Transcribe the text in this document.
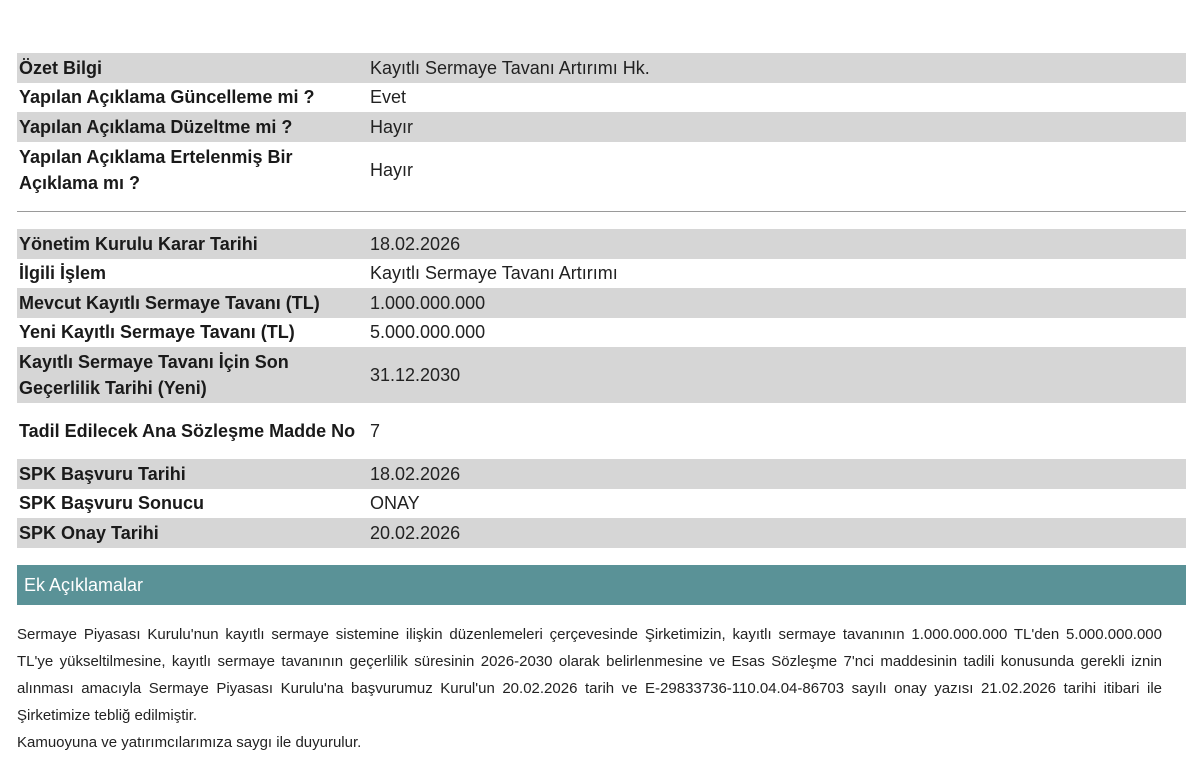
Özet Bilgi	Kayıtlı Sermaye Tavanı Artırımı Hk.
Yapılan Açıklama Güncelleme mi ?	Evet
Yapılan Açıklama Düzeltme mi ?	Hayır
Yapılan Açıklama Ertelenmiş Bir Açıklama mı ?	Hayır
Yönetim Kurulu Karar Tarihi	18.02.2026
İlgili İşlem	Kayıtlı Sermaye Tavanı Artırımı
Mevcut Kayıtlı Sermaye Tavanı (TL)	1.000.000.000
Yeni Kayıtlı Sermaye Tavanı (TL)	5.000.000.000
Kayıtlı Sermaye Tavanı İçin Son Geçerlilik Tarihi (Yeni)	31.12.2030
Tadil Edilecek Ana Sözleşme Madde No	7
SPK Başvuru Tarihi	18.02.2026
SPK Başvuru Sonucu	ONAY
SPK Onay Tarihi	20.02.2026
Ek Açıklamalar

Sermaye Piyasası Kurulu'nun kayıtlı sermaye sistemine ilişkin düzenlemeleri çerçevesinde Şirketimizin, kayıtlı sermaye tavanının 1.000.000.000 TL'den 5.000.000.000 TL'ye yükseltilmesine, kayıtlı sermaye tavanının geçerlilik süresinin 2026-2030 olarak belirlenmesine ve Esas Sözleşme 7'nci maddesinin tadili konusunda gerekli iznin alınması amacıyla Sermaye Piyasası Kurulu'na başvurumuz Kurul'un 20.02.2026 tarih ve E-29833736-110.04.04-86703 sayılı onay yazısı 21.02.2026 tarihi itibari ile Şirketimize tebliğ edilmiştir.

Kamuoyuna ve yatırımcılarımıza saygı ile duyurulur.
